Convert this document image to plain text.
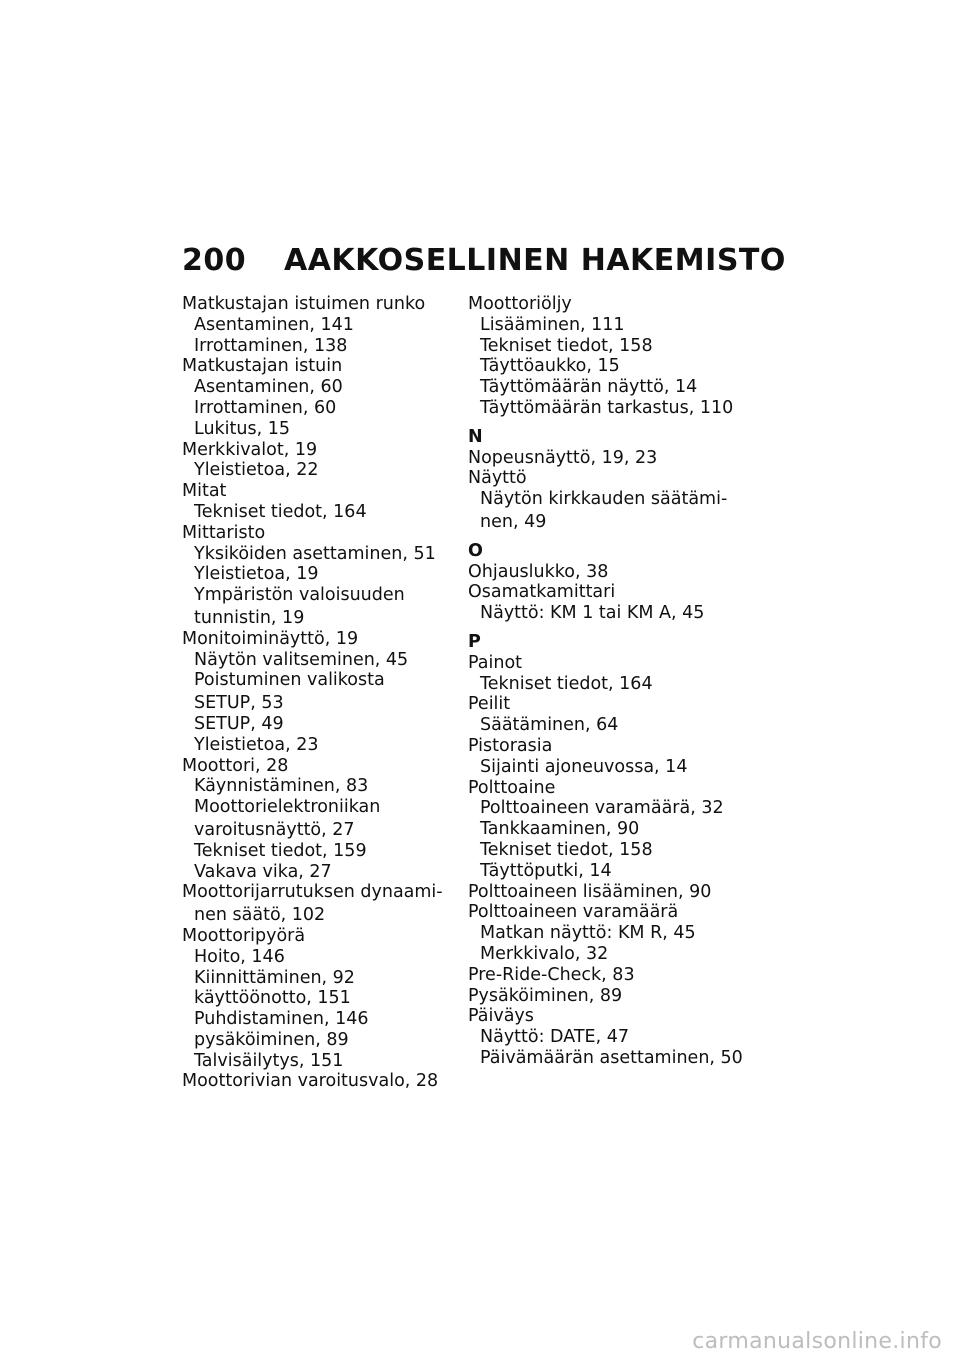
200	AAKKOSELLINEN HAKEMISTO
Matkustajan istuimen runko
Asentaminen, 141
Irrottaminen, 138
Matkustajan istuin
Asentaminen, 60
Irrottaminen, 60
Lukitus, 15
Merkkivalot, 19
Yleistietoa, 22
Mitat
Tekniset tiedot, 164
Mittaristo
Yksiköiden asettaminen, 51
Yleistietoa, 19
Ympäristön valoisuuden
tunnistin, 19
Monitoiminäyttö, 19
Näytön valitseminen, 45
Poistuminen valikosta
SETUP, 53
SETUP, 49
Yleistietoa, 23
Moottori, 28
Käynnistäminen, 83
Moottorielektroniikan
varoitusnäyttö, 27
Tekniset tiedot, 159
Vakava vika, 27
Moottorijarrutuksen dynaami-
nen säätö, 102
Moottoripyörä
Hoito, 146
Kiinnittäminen, 92
käyttöönotto, 151
Puhdistaminen, 146
pysäköiminen, 89
Talvisäilytys, 151
Moottorivian varoitusvalo, 28
Moottoriöljy
Lisääminen, 111
Tekniset tiedot, 158
Täyttöaukko, 15
Täyttömäärän näyttö, 14
Täyttömäärän tarkastus, 110
N
Nopeusnäyttö, 19, 23
Näyttö
Näytön kirkkauden säätämi-
nen, 49
O
Ohjauslukko, 38
Osamatkamittari
Näyttö: KM 1 tai KM A, 45
P
Painot
Tekniset tiedot, 164
Peilit
Säätäminen, 64
Pistorasia
Sijainti ajoneuvossa, 14
Polttoaine
Polttoaineen varamäärä, 32
Tankkaaminen, 90
Tekniset tiedot, 158
Täyttöputki, 14
Polttoaineen lisääminen, 90
Polttoaineen varamäärä
Matkan näyttö: KM R, 45
Merkkivalo, 32
Pre-Ride-Check, 83
Pysäköiminen, 89
Päiväys
Näyttö: DATE, 47
Päivämäärän asettaminen, 50
carmanualsonline.info
